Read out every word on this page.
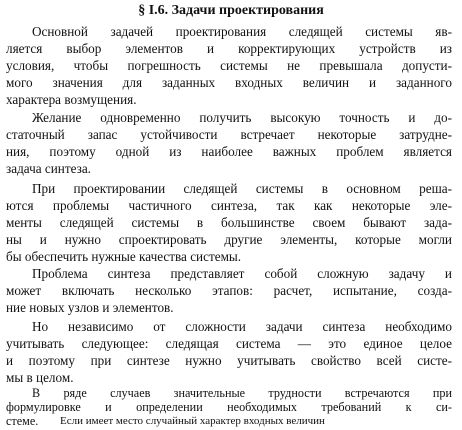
§ I.6. Задачи проектирования
Основной задачей проектирования следящей системы яв-
ляется выбор элементов и корректирующих устройств из
условия, чтобы погрешность системы не превышала допусти-
мого значения для заданных входных величин и заданного
характера возмущения.
Желание одновременно получить высокую точность и до-
статочный запас устойчивости встречает некоторые затрудне-
ния, поэтому одной из наиболее важных проблем является
задача синтеза.
При проектировании следящей системы в основном реша-
ются проблемы частичного синтеза, так как некоторые эле-
менты следящей системы в большинстве своем бывают зада-
ны и нужно спроектировать другие элементы, которые могли
бы обеспечить нужные качества системы.
Проблема синтеза представляет собой сложную задачу и
может включать несколько этапов: расчет, испытание, созда-
ние новых узлов и элементов.
Но независимо от сложности задачи синтеза необходимо
учитывать следующее: следящая система — это единое целое
и поэтому при синтезе нужно учитывать свойство всей систе-
мы в целом.
В ряде случаев значительные трудности встречаются при
формулировке и определении необходимых требований к си-
стеме. Если имеет место случайный характер входных величин
